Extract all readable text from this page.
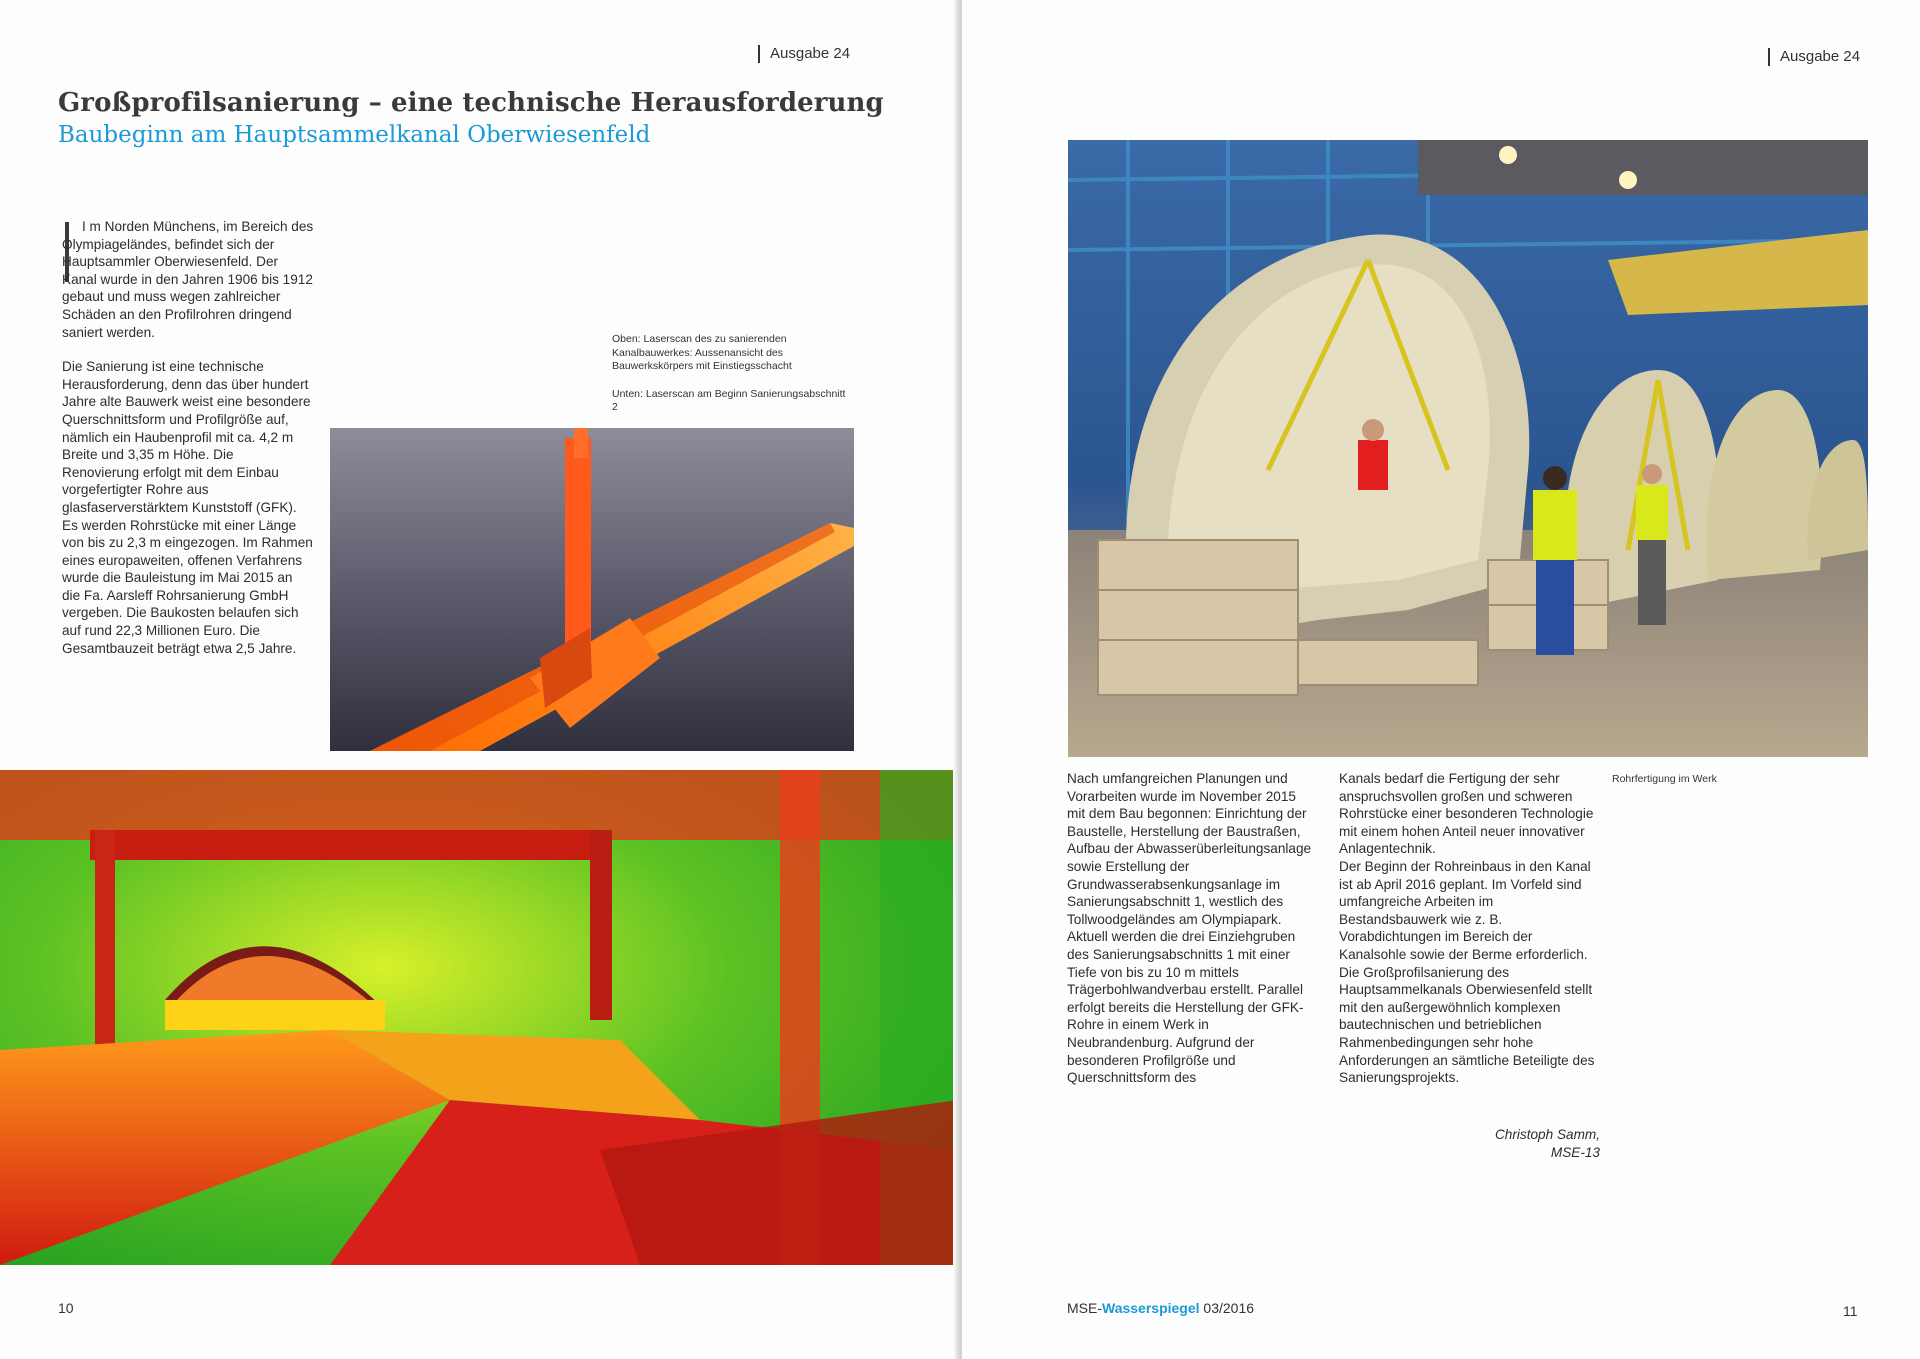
Ausgabe 24
Großprofilsanierung – eine technische Herausforderung
Baubeginn am Hauptsammelkanal Oberwiesenfeld

I m Norden Münchens, im Bereich des Olympiageländes, befindet sich der Hauptsammler Oberwiesenfeld. Der Kanal wurde in den Jahren 1906 bis 1912 gebaut und muss wegen zahlreicher Schäden an den Profilrohren dringend saniert werden.

Die Sanierung ist eine technische Herausforderung, denn das über hundert Jahre alte Bauwerk weist eine besondere Querschnittsform und Profilgröße auf, nämlich ein Haubenprofil mit ca. 4,2 m Breite und 3,35 m Höhe. Die Renovierung erfolgt mit dem Einbau vorgefertigter Rohre aus glasfaserverstärktem Kunststoff (GFK). Es werden Rohrstücke mit einer Länge von bis zu 2,3 m eingezogen. Im Rahmen eines europaweiten, offenen Verfahrens wurde die Bauleistung im Mai 2015 an die Fa. Aarsleff Rohrsanierung GmbH vergeben. Die Baukosten belaufen sich auf rund 22,3 Millionen Euro. Die Gesamtbauzeit beträgt etwa 2,5 Jahre.

Oben: Laserscan des zu sanierenden Kanalbauwerkes: Aussenansicht des Bauwerkskörpers mit Einstiegsschacht

Unten: Laserscan am Beginn Sanierungsabschnitt 2

10
Ausgabe 24
Rohrfertigung im Werk

Nach umfangreichen Planungen und Vorarbeiten wurde im November 2015 mit dem Bau begonnen: Einrichtung der Baustelle, Herstellung der Baustraßen, Aufbau der Abwasserüberleitungsanlage sowie Erstellung der Grundwasserabsenkungsanlage im Sanierungsabschnitt 1, westlich des Tollwoodgeländes am Olympiapark. Aktuell werden die drei Einziehgruben des Sanierungsabschnitts 1 mit einer Tiefe von bis zu 10 m mittels Trägerbohlwandverbau erstellt. Parallel erfolgt bereits die Herstellung der GFK-Rohre in einem Werk in Neubrandenburg. Aufgrund der besonderen Profilgröße und Querschnittsform des

Kanals bedarf die Fertigung der sehr anspruchsvollen großen und schweren Rohrstücke einer besonderen Technologie mit einem hohen Anteil neuer innovativer Anlagentechnik.

Der Beginn der Rohreinbaus in den Kanal ist ab April 2016 geplant. Im Vorfeld sind umfangreiche Arbeiten im Bestandsbauwerk wie z. B. Vorabdichtungen im Bereich der Kanalsohle sowie der Berme erforderlich.

Die Großprofilsanierung des Hauptsammelkanals Oberwiesenfeld stellt mit den außergewöhnlich komplexen bautechnischen und betrieblichen Rahmenbedingungen sehr hohe Anforderungen an sämtliche Beteiligte des Sanierungsprojekts.

Christoph Samm,
MSE-13
MSE-Wasserspiegel 03/2016	11
